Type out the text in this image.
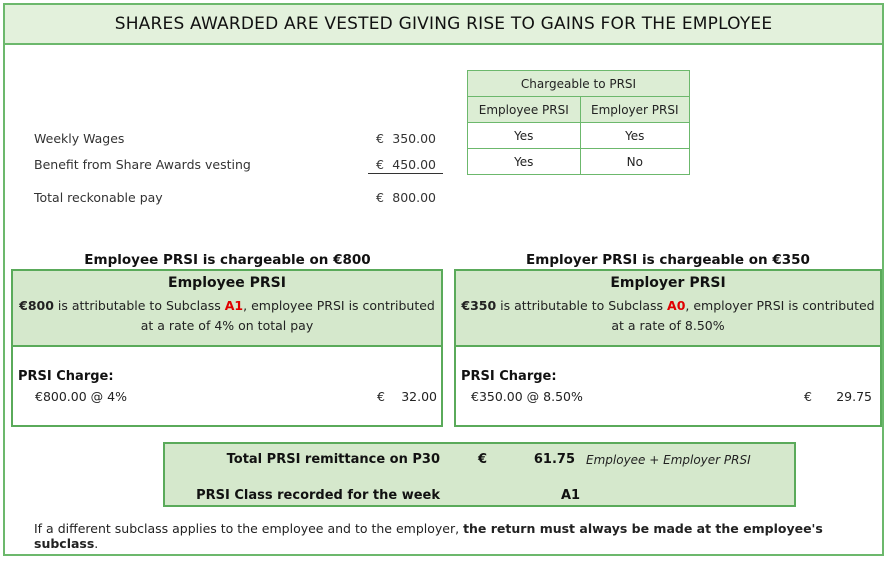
SHARES AWARDED ARE VESTED GIVING RISE TO GAINS FOR THE EMPLOYEE
Weekly Wages	€ 350.00
Benefit from Share Awards vesting	€ 450.00
Total reckonable pay	€ 800.00
Chargeable to PRSI	
Employee PRSI	Employer PRSI
Yes	Yes
Yes	No
Employee PRSI is chargeable on €800	Employer PRSI is chargeable on €350
Employee PRSI
€800 is attributable to Subclass A1, employee PRSI is contributed at a rate of 4% on total pay
PRSI Charge:
€800.00 @ 4%	€	32.00
Employer PRSI
€350 is attributable to Subclass A0, employer PRSI is contributed at a rate of 8.50%
PRSI Charge:
€350.00 @ 8.50%	€	29.75
Total PRSI remittance on P30	€	61.75 Employee + Employer PRSI
PRSI Class recorded for the week	A1
If a different subclass applies to the employee and to the employer, the return must always be made at the employee's subclass.
